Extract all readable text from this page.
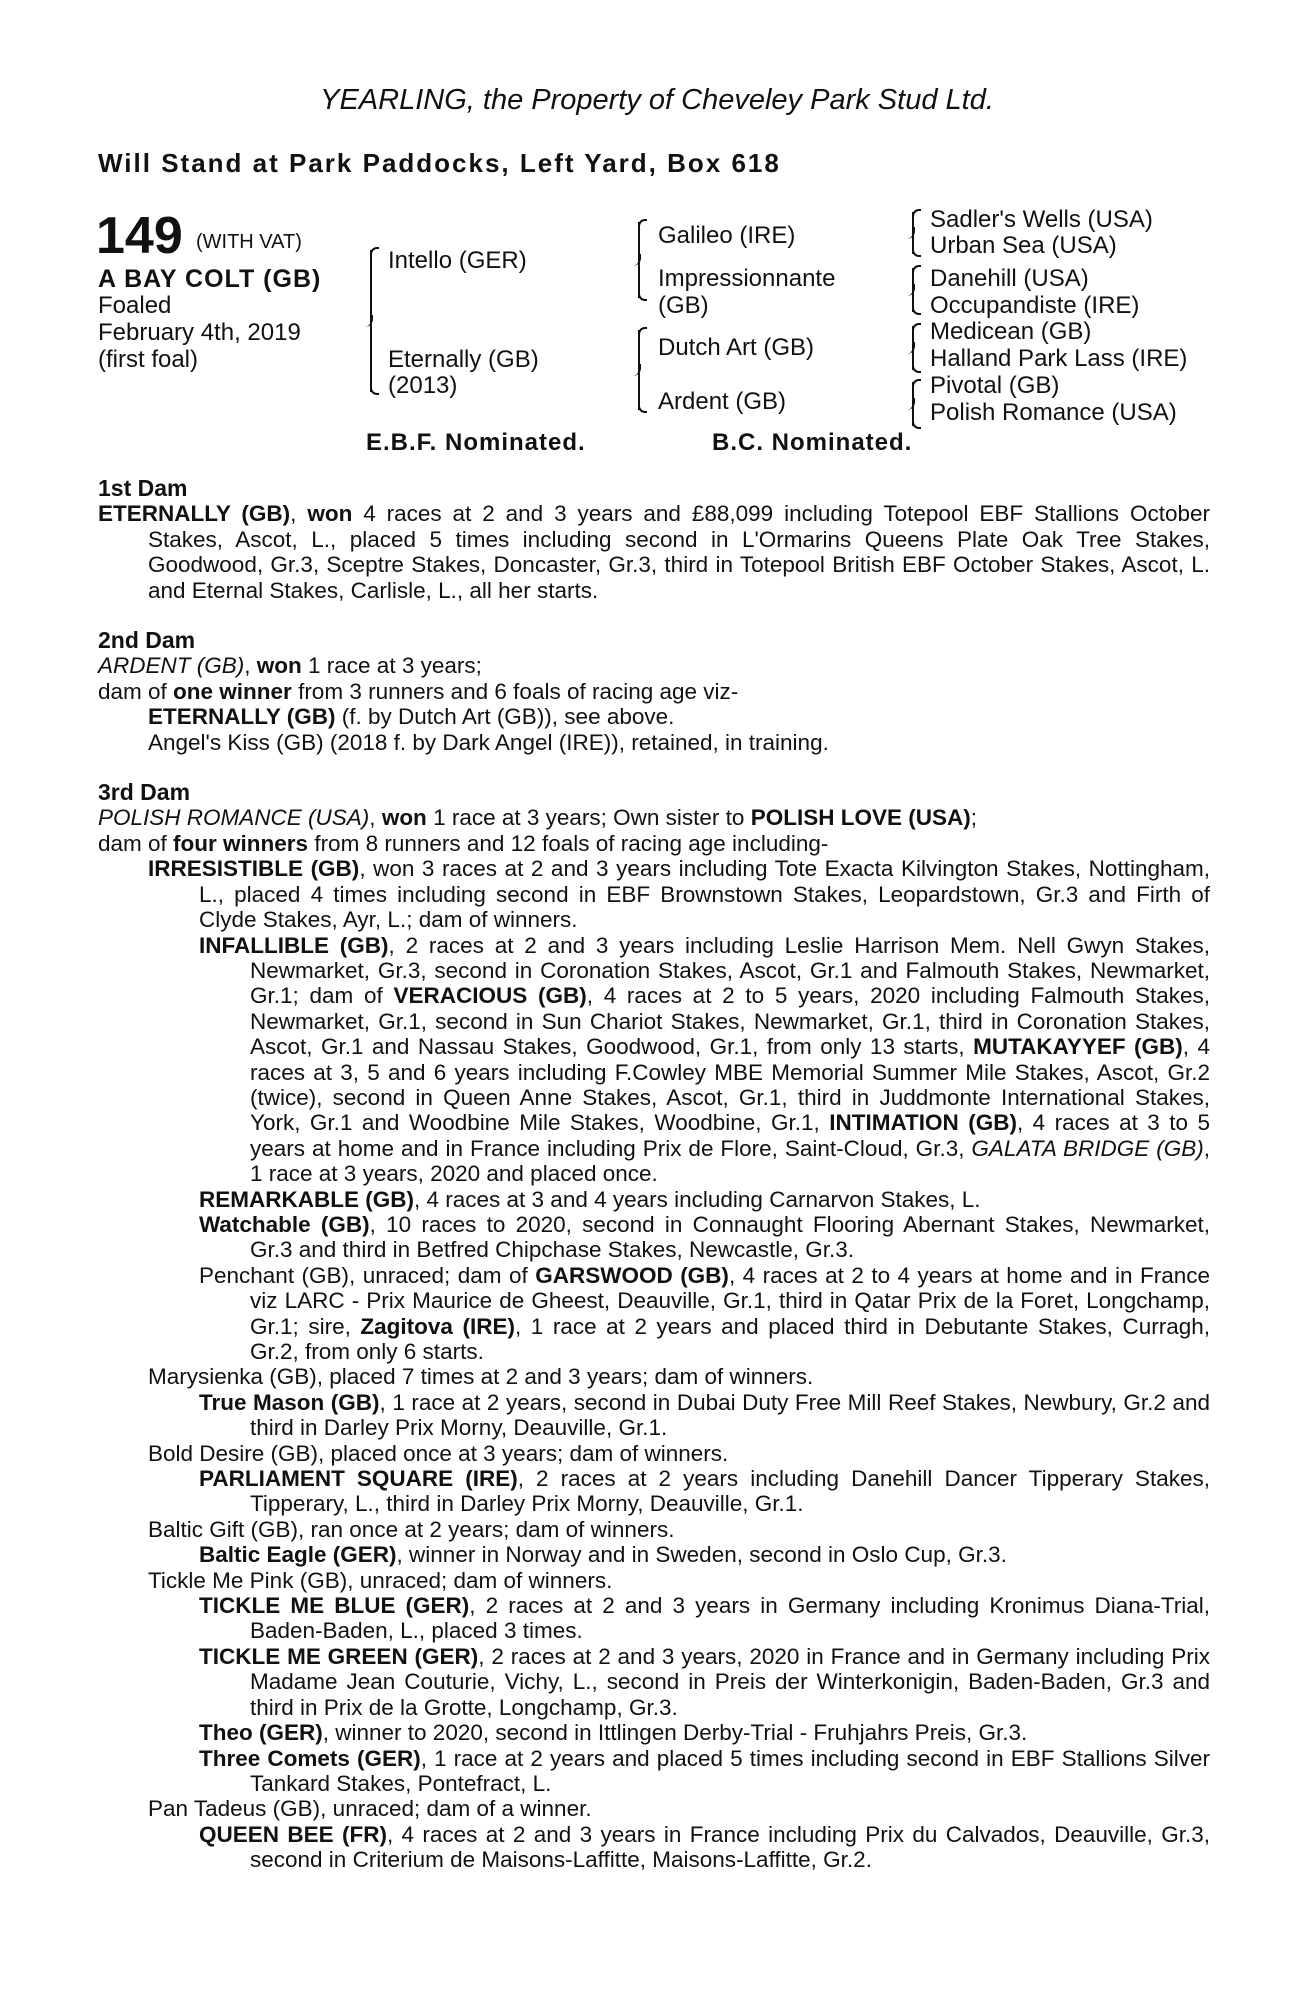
YEARLING, the Property of Cheveley Park Stud Ltd.
Will Stand at Park Paddocks, Left Yard, Box 618
149 (WITH VAT)
A BAY COLT (GB)
Foaled
February 4th, 2019
(first foal)
Intello (GER)
Eternally (GB)
(2013)
Galileo (IRE)
Impressionnante
(GB)
Dutch Art (GB)
Ardent (GB)
Sadler's Wells (USA)
Urban Sea (USA)
Danehill (USA)
Occupandiste (IRE)
Medicean (GB)
Halland Park Lass (IRE)
Pivotal (GB)
Polish Romance (USA)
E.B.F. Nominated.	B.C. Nominated.
1st Dam

ETERNALLY (GB), won 4 races at 2 and 3 years and £88,099 including Totepool EBF Stallions October Stakes, Ascot, L., placed 5 times including second in L'Ormarins Queens Plate Oak Tree Stakes, Goodwood, Gr.3, Sceptre Stakes, Doncaster, Gr.3, third in Totepool British EBF October Stakes, Ascot, L. and Eternal Stakes, Carlisle, L., all her starts.

2nd Dam

ARDENT (GB), won 1 race at 3 years;

dam of one winner from 3 runners and 6 foals of racing age viz-

ETERNALLY (GB) (f. by Dutch Art (GB)), see above.

Angel's Kiss (GB) (2018 f. by Dark Angel (IRE)), retained, in training.

3rd Dam

POLISH ROMANCE (USA), won 1 race at 3 years; Own sister to POLISH LOVE (USA);

dam of four winners from 8 runners and 12 foals of racing age including-

IRRESISTIBLE (GB), won 3 races at 2 and 3 years including Tote Exacta Kilvington Stakes, Nottingham, L., placed 4 times including second in EBF Brownstown Stakes, Leopardstown, Gr.3 and Firth of Clyde Stakes, Ayr, L.; dam of winners.

INFALLIBLE (GB), 2 races at 2 and 3 years including Leslie Harrison Mem. Nell Gwyn Stakes, Newmarket, Gr.3, second in Coronation Stakes, Ascot, Gr.1 and Falmouth Stakes, Newmarket, Gr.1; dam of VERACIOUS (GB), 4 races at 2 to 5 years, 2020 including Falmouth Stakes, Newmarket, Gr.1, second in Sun Chariot Stakes, Newmarket, Gr.1, third in Coronation Stakes, Ascot, Gr.1 and Nassau Stakes, Goodwood, Gr.1, from only 13 starts, MUTAKAYYEF (GB), 4 races at 3, 5 and 6 years including F.Cowley MBE Memorial Summer Mile Stakes, Ascot, Gr.2 (twice), second in Queen Anne Stakes, Ascot, Gr.1, third in Juddmonte International Stakes, York, Gr.1 and Woodbine Mile Stakes, Woodbine, Gr.1, INTIMATION (GB), 4 races at 3 to 5 years at home and in France including Prix de Flore, Saint-Cloud, Gr.3, GALATA BRIDGE (GB), 1 race at 3 years, 2020 and placed once.

REMARKABLE (GB), 4 races at 3 and 4 years including Carnarvon Stakes, L.

Watchable (GB), 10 races to 2020, second in Connaught Flooring Abernant Stakes, Newmarket, Gr.3 and third in Betfred Chipchase Stakes, Newcastle, Gr.3.

Penchant (GB), unraced; dam of GARSWOOD (GB), 4 races at 2 to 4 years at home and in France viz LARC - Prix Maurice de Gheest, Deauville, Gr.1, third in Qatar Prix de la Foret, Longchamp, Gr.1; sire, Zagitova (IRE), 1 race at 2 years and placed third in Debutante Stakes, Curragh, Gr.2, from only 6 starts.

Marysienka (GB), placed 7 times at 2 and 3 years; dam of winners.

True Mason (GB), 1 race at 2 years, second in Dubai Duty Free Mill Reef Stakes, Newbury, Gr.2 and third in Darley Prix Morny, Deauville, Gr.1.

Bold Desire (GB), placed once at 3 years; dam of winners.

PARLIAMENT SQUARE (IRE), 2 races at 2 years including Danehill Dancer Tipperary Stakes, Tipperary, L., third in Darley Prix Morny, Deauville, Gr.1.

Baltic Gift (GB), ran once at 2 years; dam of winners.

Baltic Eagle (GER), winner in Norway and in Sweden, second in Oslo Cup, Gr.3.

Tickle Me Pink (GB), unraced; dam of winners.

TICKLE ME BLUE (GER), 2 races at 2 and 3 years in Germany including Kronimus Diana-Trial, Baden-Baden, L., placed 3 times.

TICKLE ME GREEN (GER), 2 races at 2 and 3 years, 2020 in France and in Germany including Prix Madame Jean Couturie, Vichy, L., second in Preis der Winterkonigin, Baden-Baden, Gr.3 and third in Prix de la Grotte, Longchamp, Gr.3.

Theo (GER), winner to 2020, second in Ittlingen Derby-Trial - Fruhjahrs Preis, Gr.3.

Three Comets (GER), 1 race at 2 years and placed 5 times including second in EBF Stallions Silver Tankard Stakes, Pontefract, L.

Pan Tadeus (GB), unraced; dam of a winner.

QUEEN BEE (FR), 4 races at 2 and 3 years in France including Prix du Calvados, Deauville, Gr.3, second in Criterium de Maisons-Laffitte, Maisons-Laffitte, Gr.2.
